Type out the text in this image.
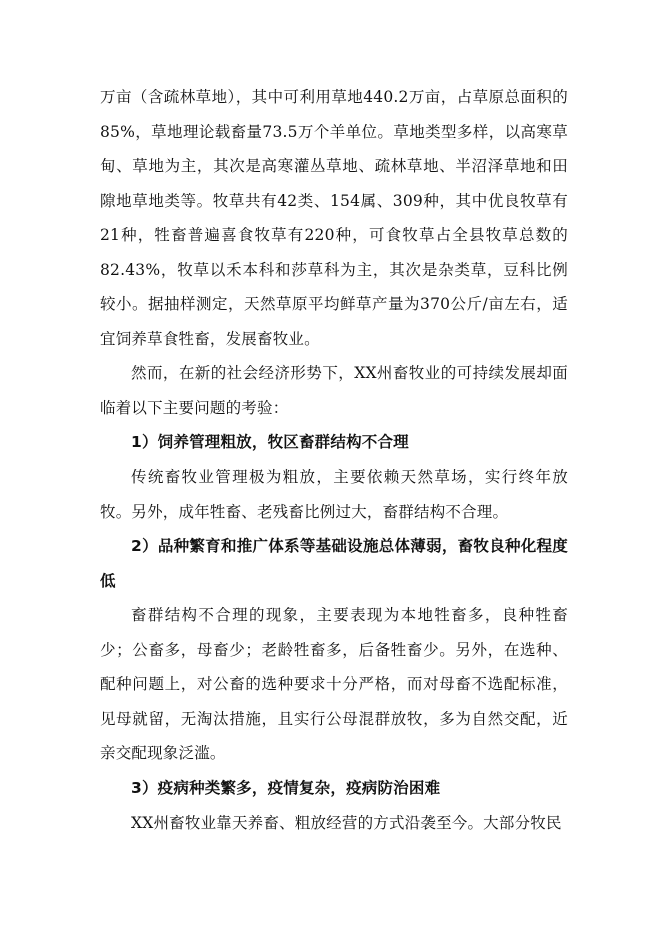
万亩（含疏林草地），其中可利用草地440.2万亩，占草原总面积的85%，草地理论载畜量73.5万个羊单位。草地类型多样，以高寒草甸、草地为主，其次是高寒灌丛草地、疏林草地、半沼泽草地和田隙地草地类等。牧草共有42类、154属、309种，其中优良牧草有21种，牲畜普遍喜食牧草有220种，可食牧草占全县牧草总数的82.43%，牧草以禾本科和莎草科为主，其次是杂类草，豆科比例较小。据抽样测定，天然草原平均鲜草产量为370公斤/亩左右，适宜饲养草食牲畜，发展畜牧业。

然而，在新的社会经济形势下，XX州畜牧业的可持续发展却面临着以下主要问题的考验：

1）饲养管理粗放，牧区畜群结构不合理

传统畜牧业管理极为粗放，主要依赖天然草场，实行终年放牧。另外，成年牲畜、老残畜比例过大，畜群结构不合理。

2）品种繁育和推广体系等基础设施总体薄弱，畜牧良种化程度低

畜群结构不合理的现象，主要表现为本地牲畜多，良种牲畜少；公畜多，母畜少；老龄牲畜多，后备牲畜少。另外，在选种、配种问题上，对公畜的选种要求十分严格，而对母畜不选配标准，见母就留，无淘汰措施，且实行公母混群放牧，多为自然交配，近亲交配现象泛滥。

3）疫病种类繁多，疫情复杂，疫病防治困难

XX州畜牧业靠天养畜、粗放经营的方式沿袭至今。大部分牧民
